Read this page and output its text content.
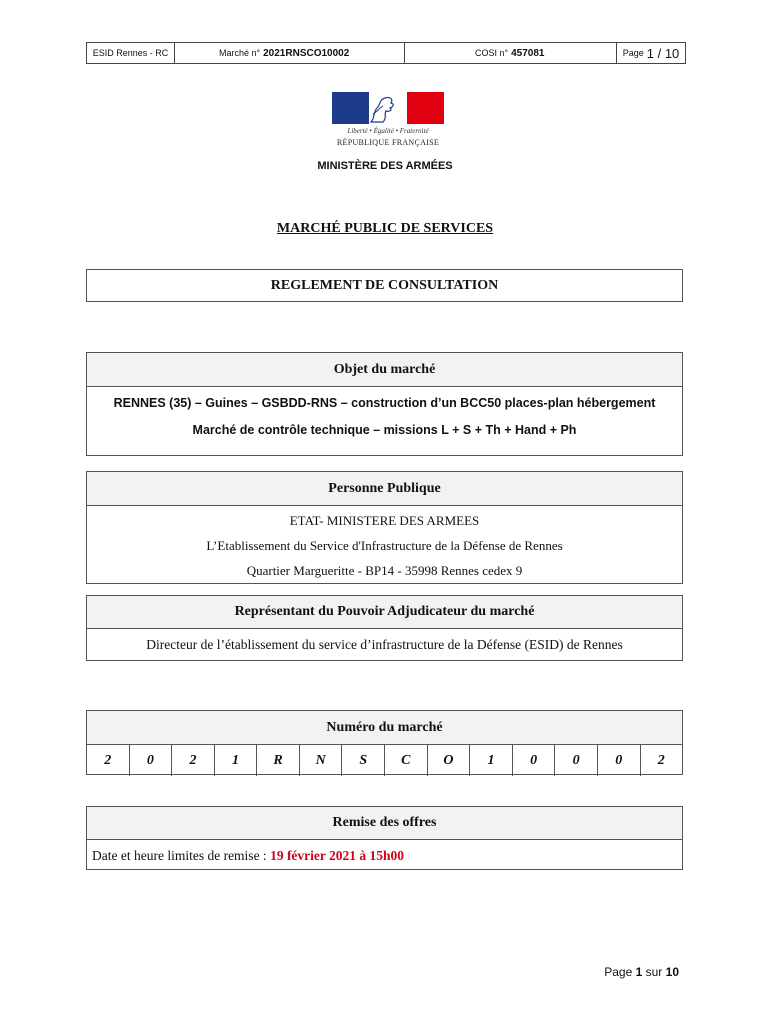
ESID Rennes - RC	Marché n° 2021RNSCO10002	COSI n° 457081	Page 1 / 10
Liberté • Égalité • Fraternité
RÉPUBLIQUE FRANÇAISE
MINISTÈRE DES ARMÉES
MARCHÉ PUBLIC DE SERVICES
REGLEMENT DE CONSULTATION
Objet du marché
RENNES (35) – Guines – GSBDD-RNS – construction d’un BCC50 places-plan hébergement
Marché de contrôle technique – missions L + S + Th + Hand + Ph
Personne Publique
ETAT- MINISTERE DES ARMEES
L’Etablissement du Service d'Infrastructure de la Défense de Rennes
Quartier Margueritte - BP14 - 35998 Rennes cedex 9
Représentant du Pouvoir Adjudicateur du marché
Directeur de l’établissement du service d’infrastructure de la Défense (ESID) de Rennes
Numéro du marché
2	0	2	1	R	N	S	C	O	1	0	0	0	2
Remise des offres
Date et heure limites de remise : 19 février 2021 à 15h00
Page 1 sur 10
